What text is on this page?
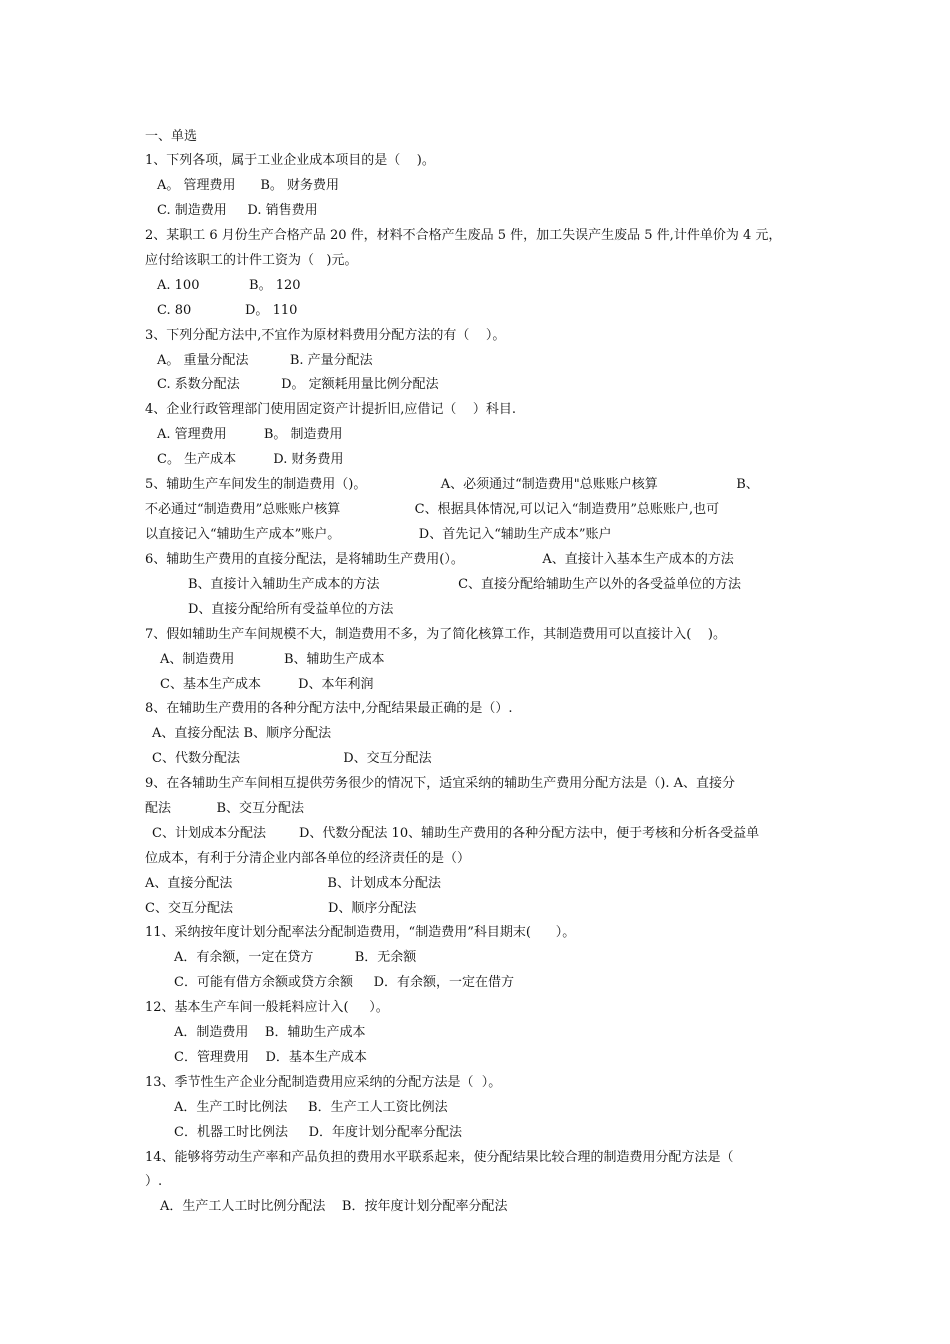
一、单选
1、下列各项，属于工业企业成本项目的是（    )。
A。 管理费用      B。 财务费用
C. 制造费用     D. 销售费用
2、某职工 6 月份生产合格产品 20 件，材料不合格产生废品 5 件，加工失误产生废品 5 件,计件单价为 4 元，
应付给该职工的计件工资为（   )元。
A. 100            B。 120
C. 80             D。 110
3、下列分配方法中,不宜作为原材料费用分配方法的有（    ）。
A。 重量分配法          B. 产量分配法
C. 系数分配法          D。 定额耗用量比例分配法
4、企业行政管理部门使用固定资产计提折旧,应借记（    ）科目.
A. 管理费用         B。 制造费用
C。 生产成本         D. 财务费用
5、辅助生产车间发生的制造费用（)。                  A、必须通过“制造费用"总账账户核算                   B、
不必通过“制造费用”总账账户核算                  C、根据具体情况,可以记入“制造费用”总账账户,也可
以直接记入“辅助生产成本”账户。                   D、首先记入“辅助生产成本”账户
6、辅助生产费用的直接分配法，是将辅助生产费用(）。                   A、直接计入基本生产成本的方法
B、直接计入辅助生产成本的方法                   C、直接分配给辅助生产以外的各受益单位的方法
D、直接分配给所有受益单位的方法
7、假如辅助生产车间规模不大，制造费用不多，为了简化核算工作，其制造费用可以直接计入(    )。
A、制造费用            B、辅助生产成本
C、基本生产成本         D、本年利润
8、在辅助生产费用的各种分配方法中,分配结果最正确的是（）.
A、直接分配法 B、顺序分配法
C、代数分配法                         D、交互分配法
9、在各辅助生产车间相互提供劳务很少的情况下，适宜采纳的辅助生产费用分配方法是（). A、直接分
配法           B、交互分配法
C、计划成本分配法        D、代数分配法 10、辅助生产费用的各种分配方法中，便于考核和分析各受益单
位成本，有利于分清企业内部各单位的经济责任的是（）
A、直接分配法                       B、计划成本分配法
C、交互分配法                       D、顺序分配法
11、采纳按年度计划分配率法分配制造费用，“制造费用”科目期末(      ）。
A．有余额，一定在贷方          B．无余额
C．可能有借方余额或贷方余额     D．有余额，一定在借方
12、基本生产车间一般耗料应计入(     ）。
A．制造费用    B．辅助生产成本
C．管理费用    D．基本生产成本
13、季节性生产企业分配制造费用应采纳的分配方法是（  ）。
A．生产工时比例法     B．生产工人工资比例法
C．机器工时比例法     D．年度计划分配率分配法
14、能够将劳动生产率和产品负担的费用水平联系起来，使分配结果比较合理的制造费用分配方法是（
）.
A．生产工人工时比例分配法    B．按年度计划分配率分配法
